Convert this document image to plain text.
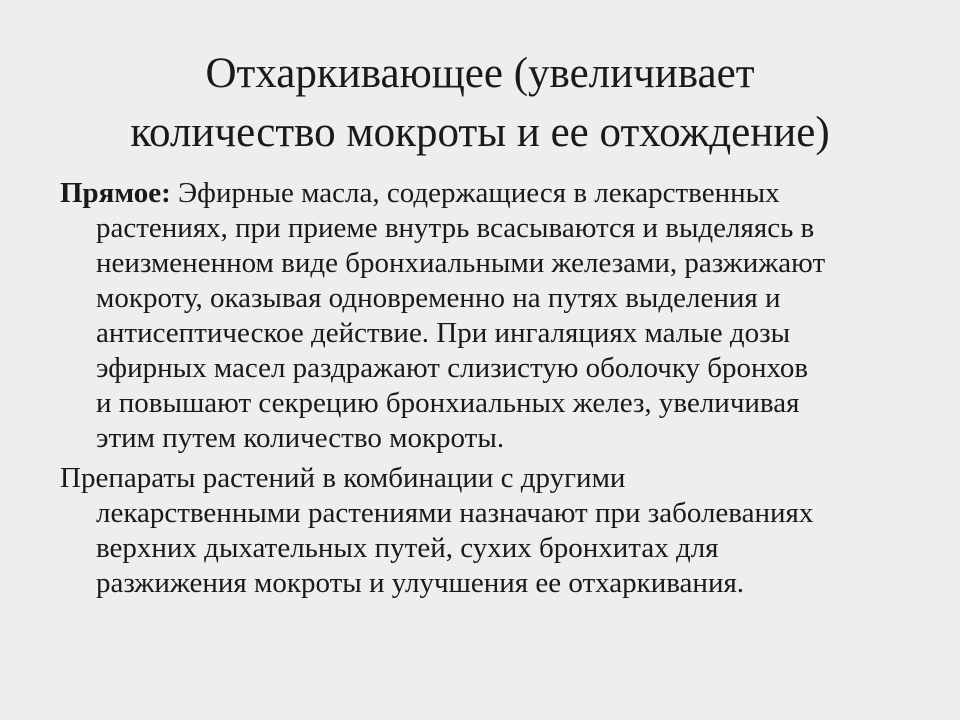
Отхаркивающее (увеличивает
количество мокроты и ее отхождение)
Прямое: Эфирные масла, содержащиеся в лекарственных
растениях, при приеме внутрь всасываются и выделяясь в
неизмененном виде бронхиальными железами, разжижают
мокроту, оказывая одновременно на путях выделения и
антисептическое действие. При ингаляциях малые дозы
эфирных масел раздражают слизистую оболочку бронхов
и повышают секрецию бронхиальных желез, увеличивая
этим путем количество мокроты.
Препараты растений в комбинации с другими
лекарственными растениями назначают при заболеваниях
верхних дыхательных путей, сухих бронхитах для
разжижения мокроты и улучшения ее отхаркивания.
